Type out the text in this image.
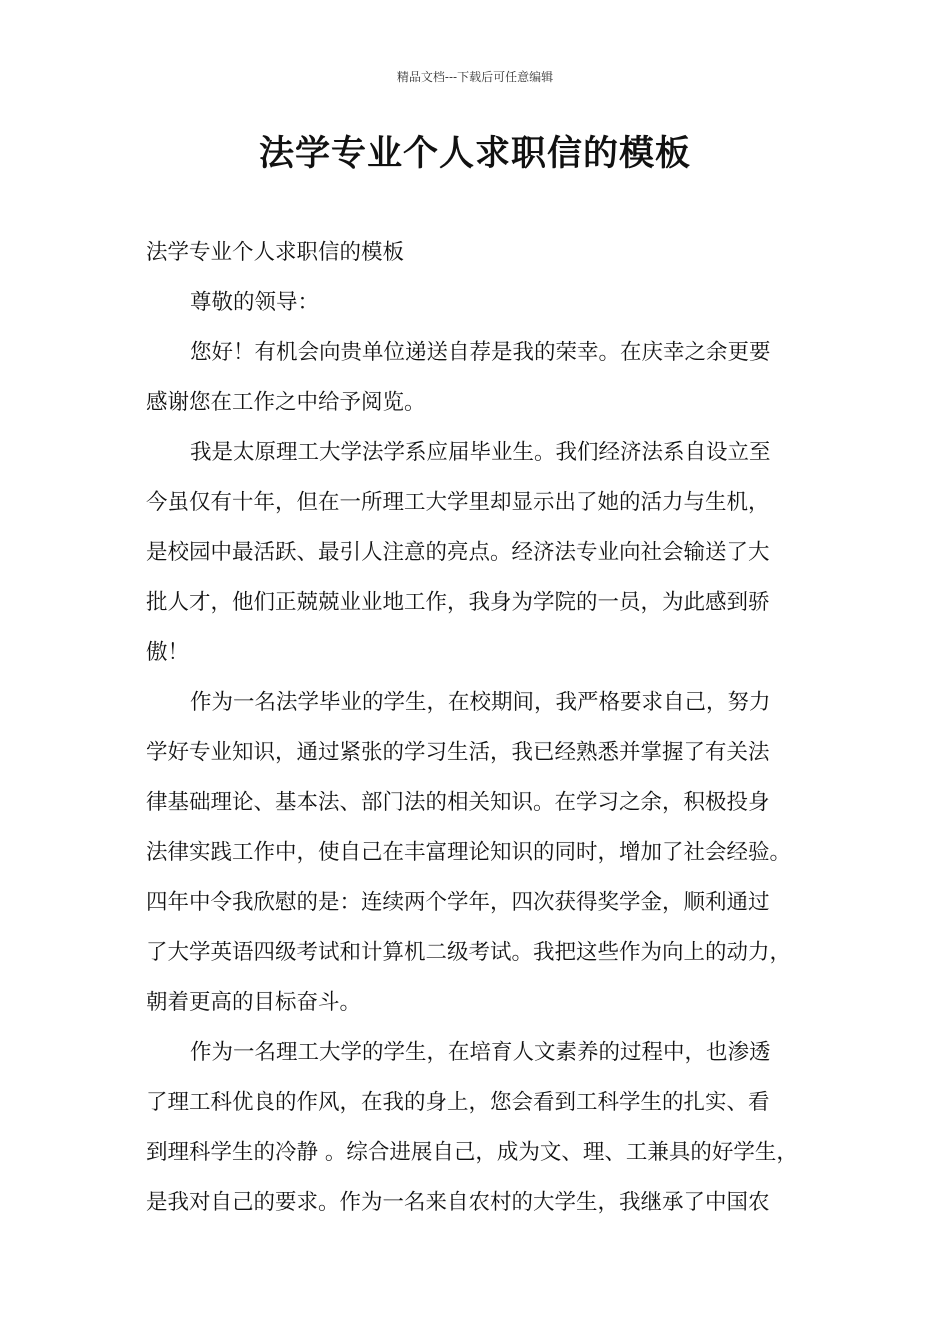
精品文档---下载后可任意编辑
法学专业个人求职信的模板
法学专业个人求职信的模板
尊敬的领导：
您好！有机会向贵单位递送自荐是我的荣幸。在庆幸之余更要
感谢您在工作之中给予阅览。
我是太原理工大学法学系应届毕业生。我们经济法系自设立至
今虽仅有十年，但在一所理工大学里却显示出了她的活力与生机，
是校园中最活跃、最引人注意的亮点。经济法专业向社会输送了大
批人才，他们正兢兢业业地工作，我身为学院的一员，为此感到骄
傲！
作为一名法学毕业的学生，在校期间，我严格要求自己，努力
学好专业知识，通过紧张的学习生活，我已经熟悉并掌握了有关法
律基础理论、基本法、部门法的相关知识。在学习之余，积极投身
法律实践工作中，使自己在丰富理论知识的同时，增加了社会经验。
四年中令我欣慰的是：连续两个学年，四次获得奖学金，顺利通过
了大学英语四级考试和计算机二级考试。我把这些作为向上的动力，
朝着更高的目标奋斗。
作为一名理工大学的学生，在培育人文素养的过程中，也渗透
了理工科优良的作风，在我的身上，您会看到工科学生的扎实、看
到理科学生的冷静 。综合进展自己，成为文、理、工兼具的好学生，
是我对自己的要求。作为一名来自农村的大学生，我继承了中国农
